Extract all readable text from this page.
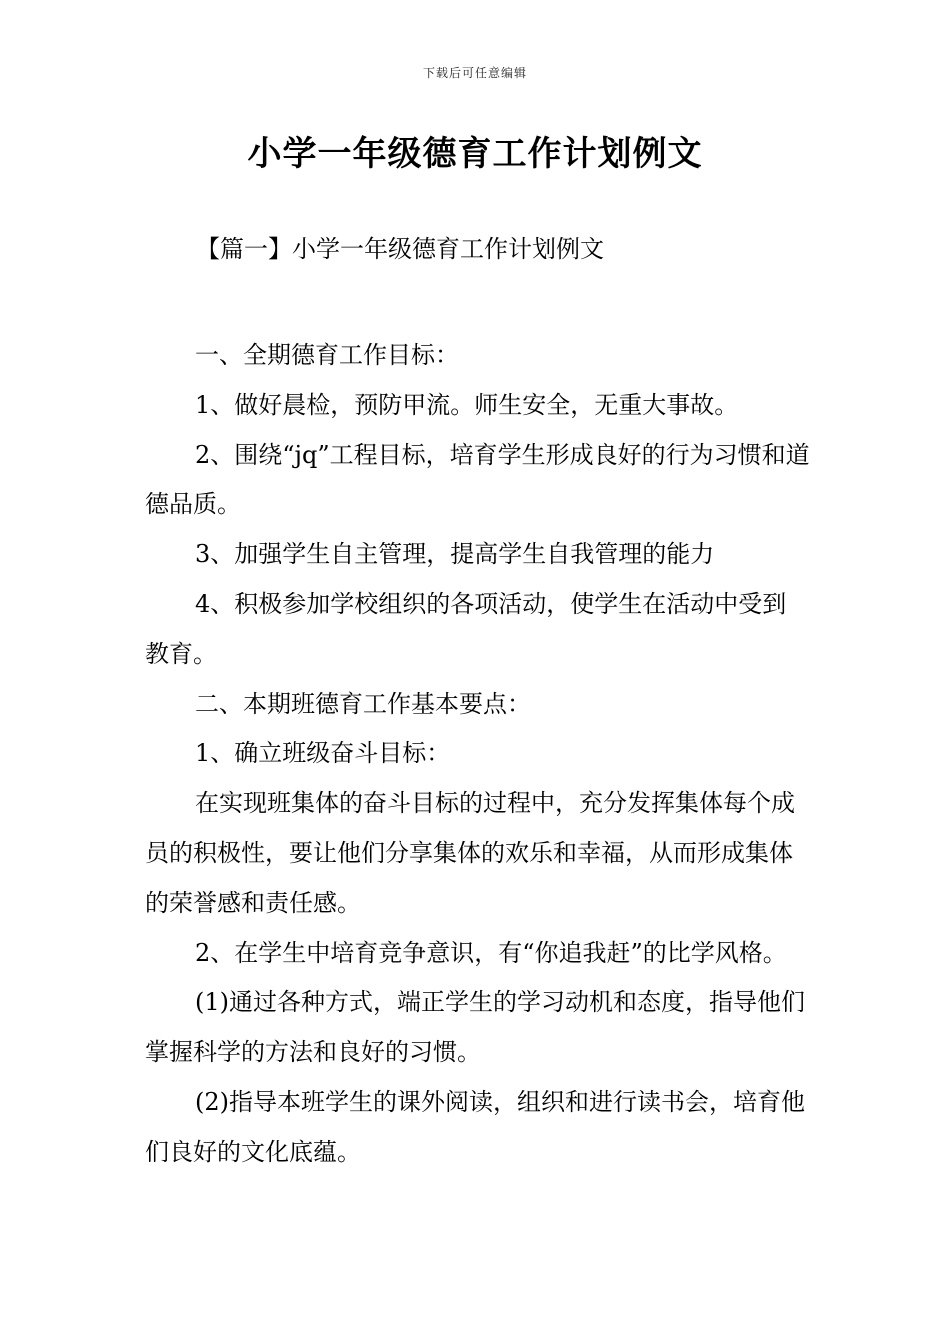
下载后可任意编辑
小学一年级德育工作计划例文
【篇一】小学一年级德育工作计划例文

一、全期德育工作目标：

1、做好晨检，预防甲流。师生安全，无重大事故。

2、围绕“jq”工程目标，培育学生形成良好的行为习惯和道德品质。

3、加强学生自主管理，提高学生自我管理的能力

4、积极参加学校组织的各项活动，使学生在活动中受到教育。

二、本期班德育工作基本要点：

1、确立班级奋斗目标：

在实现班集体的奋斗目标的过程中，充分发挥集体每个成员的积极性，要让他们分享集体的欢乐和幸福，从而形成集体的荣誉感和责任感。

2、在学生中培育竞争意识，有“你追我赶”的比学风格。

(1)通过各种方式，端正学生的学习动机和态度，指导他们掌握科学的方法和良好的习惯。

(2)指导本班学生的课外阅读，组织和进行读书会，培育他们良好的文化底蕴。
